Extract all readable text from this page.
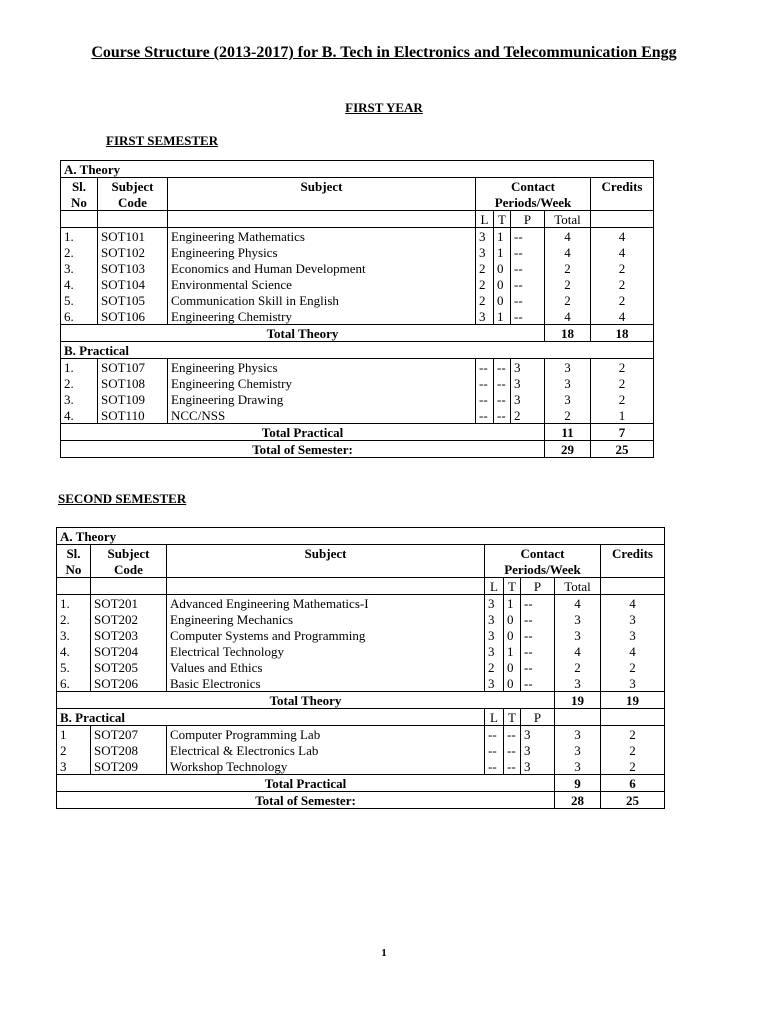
Course Structure (2013-2017) for B. Tech in Electronics and Telecommunication Engg
FIRST YEAR
FIRST SEMESTER
A. Theory							
Sl.	Subject	Subject	Contact				Credits
No	Code		Periods/Week				
			L	T	P	Total	
1.	SOT101	Engineering Mathematics	3	1	--	4	4
2.	SOT102	Engineering Physics	3	1	--	4	4
3.	SOT103	Economics and Human Development	2	0	--	2	2
4.	SOT104	Environmental Science	2	0	--	2	2
5.	SOT105	Communication Skill in English	2	0	--	2	2
6.	SOT106	Engineering Chemistry	3	1	--	4	4
Total Theory						18	18
B. Practical							
1.	SOT107	Engineering Physics	--	--	3	3	2
2.	SOT108	Engineering Chemistry	--	--	3	3	2
3.	SOT109	Engineering Drawing	--	--	3	3	2
4.	SOT110	NCC/NSS	--	--	2	2	1
Total Practical						11	7
Total of Semester:						29	25
SECOND SEMESTER
A. Theory							
Sl.	Subject	Subject	Contact				Credits
No	Code		Periods/Week				
			L	T	P	Total	
1.	SOT201	Advanced Engineering Mathematics-I	3	1	--	4	4
2.	SOT202	Engineering Mechanics	3	0	--	3	3
3.	SOT203	Computer Systems and Programming	3	0	--	3	3
4.	SOT204	Electrical Technology	3	1	--	4	4
5.	SOT205	Values and Ethics	2	0	--	2	2
6.	SOT206	Basic Electronics	3	0	--	3	3
Total Theory						19	19
B. Practical			L	T	P		
1	SOT207	Computer Programming Lab	--	--	3	3	2
2	SOT208	Electrical & Electronics Lab	--	--	3	3	2
3	SOT209	Workshop Technology	--	--	3	3	2
Total Practical						9	6
Total of Semester:						28	25
1
